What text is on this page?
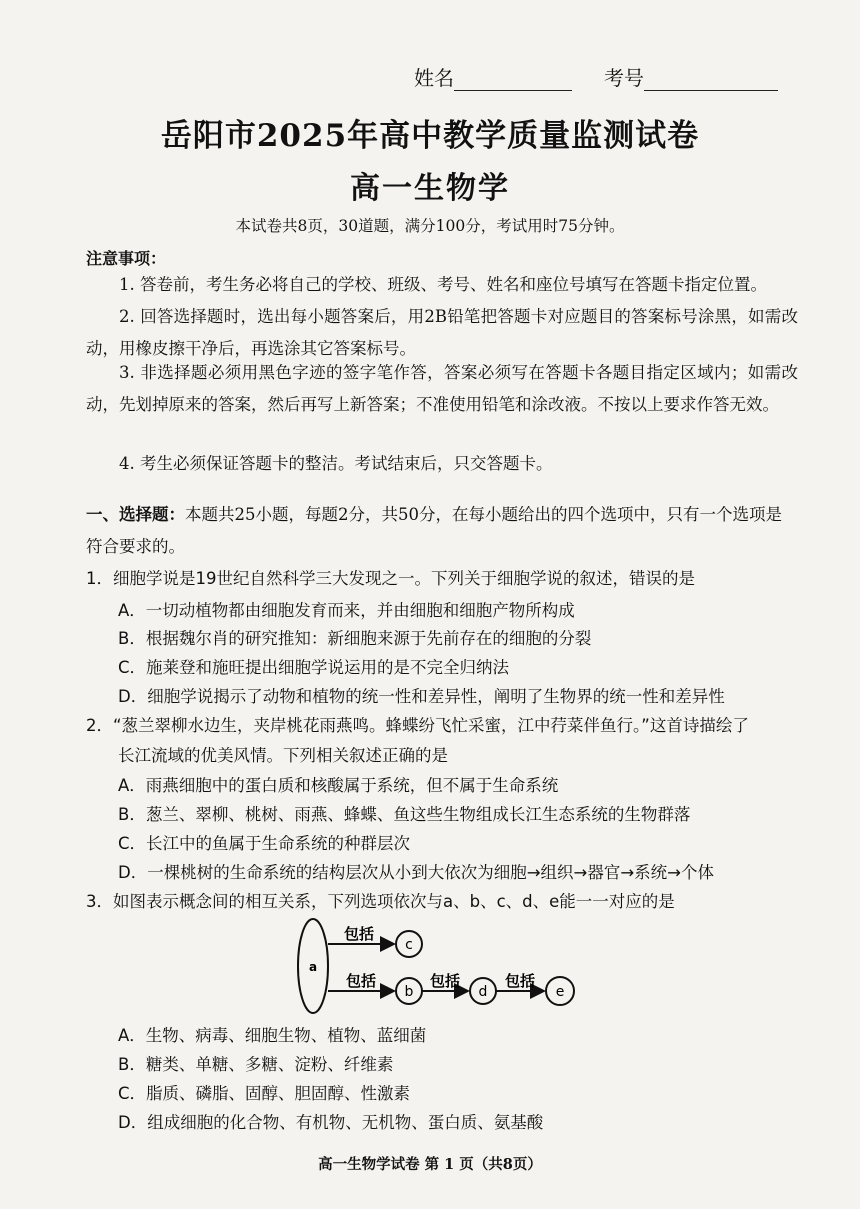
姓名	考号
岳阳市2025年高中教学质量监测试卷
高一生物学
本试卷共8页，30道题，满分100分，考试用时75分钟。
注意事项：
1. 答卷前，考生务必将自己的学校、班级、考号、姓名和座位号填写在答题卡指定位置。
2. 回答选择题时，选出每小题答案后，用2B铅笔把答题卡对应题目的答案标号涂黑，如需改动，用橡皮擦干净后，再选涂其它答案标号。
3. 非选择题必须用黑色字迹的签字笔作答，答案必须写在答题卡各题目指定区域内；如需改动，先划掉原来的答案，然后再写上新答案；不准使用铅笔和涂改液。不按以上要求作答无效。
4. 考生必须保证答题卡的整洁。考试结束后，只交答题卡。
一、选择题：本题共25小题，每题2分，共50分，在每小题给出的四个选项中，只有一个选项是符合要求的。
1．细胞学说是19世纪自然科学三大发现之一。下列关于细胞学说的叙述，错误的是
A．一切动植物都由细胞发育而来，并由细胞和细胞产物所构成
B．根据魏尔肖的研究推知：新细胞来源于先前存在的细胞的分裂
C．施莱登和施旺提出细胞学说运用的是不完全归纳法
D．细胞学说揭示了动物和植物的统一性和差异性，阐明了生物界的统一性和差异性
2．“葱兰翠柳水边生，夹岸桃花雨燕鸣。蜂蝶纷飞忙采蜜，江中荇菜伴鱼行。”这首诗描绘了
长江流域的优美风情。下列相关叙述正确的是
A．雨燕细胞中的蛋白质和核酸属于系统，但不属于生命系统
B．葱兰、翠柳、桃树、雨燕、蜂蝶、鱼这些生物组成长江生态系统的生物群落
C．长江中的鱼属于生命系统的种群层次
D．一棵桃树的生命系统的结构层次从小到大依次为细胞→组织→器官→系统→个体
3．如图表示概念间的相互关系，下列选项依次与a、b、c、d、e能一一对应的是
a
包括
c
包括
b
包括
d
包括
e
A．生物、病毒、细胞生物、植物、蓝细菌
B．糖类、单糖、多糖、淀粉、纤维素
C．脂质、磷脂、固醇、胆固醇、性激素
D．组成细胞的化合物、有机物、无机物、蛋白质、氨基酸
高一生物学试卷 第 1 页（共8页）
